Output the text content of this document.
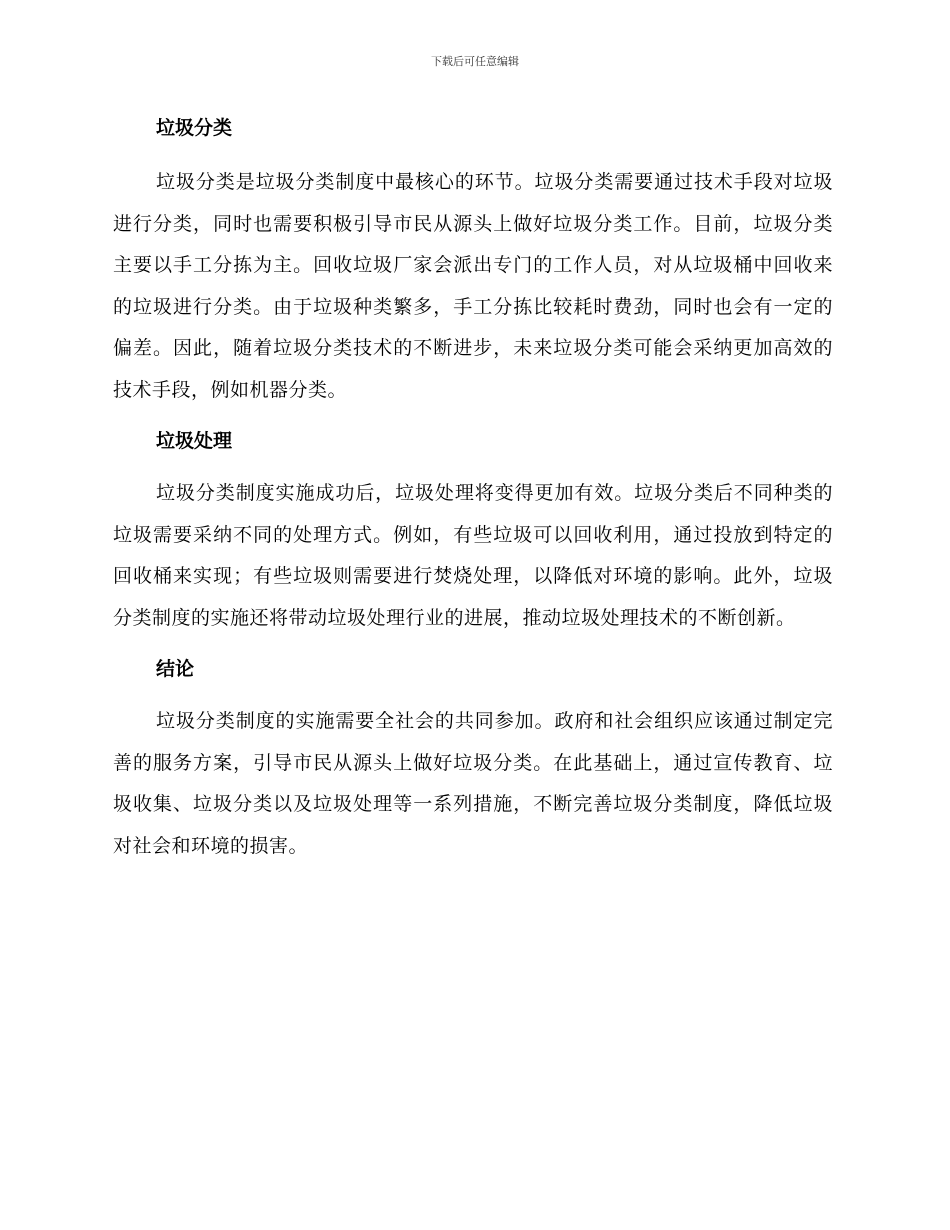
下载后可任意编辑
垃圾分类

垃圾分类是垃圾分类制度中最核心的环节。垃圾分类需要通过技术手段对垃圾进行分类，同时也需要积极引导市民从源头上做好垃圾分类工作。目前，垃圾分类主要以手工分拣为主。回收垃圾厂家会派出专门的工作人员，对从垃圾桶中回收来的垃圾进行分类。由于垃圾种类繁多，手工分拣比较耗时费劲，同时也会有一定的偏差。因此，随着垃圾分类技术的不断进步，未来垃圾分类可能会采纳更加高效的技术手段，例如机器分类。

垃圾处理

垃圾分类制度实施成功后，垃圾处理将变得更加有效。垃圾分类后不同种类的垃圾需要采纳不同的处理方式。例如，有些垃圾可以回收利用，通过投放到特定的回收桶来实现；有些垃圾则需要进行焚烧处理，以降低对环境的影响。此外，垃圾分类制度的实施还将带动垃圾处理行业的进展，推动垃圾处理技术的不断创新。

结论

垃圾分类制度的实施需要全社会的共同参加。政府和社会组织应该通过制定完善的服务方案，引导市民从源头上做好垃圾分类。在此基础上，通过宣传教育、垃圾收集、垃圾分类以及垃圾处理等一系列措施，不断完善垃圾分类制度，降低垃圾对社会和环境的损害。
